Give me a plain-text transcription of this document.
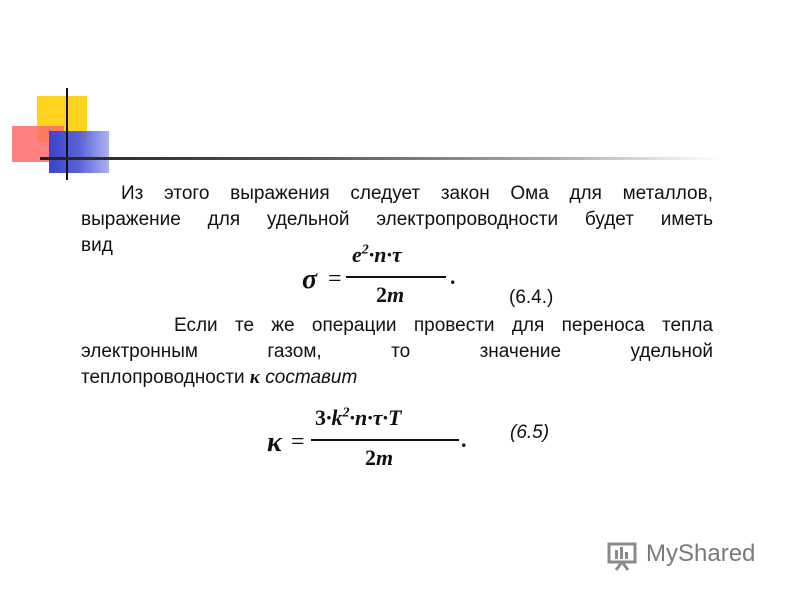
Из этого выражения следует закон Ома для металлов,
выражение для удельной электропроводности будет иметь
вид
σ =
$e^2\cdot n\cdot\tau$
2m
.
(6.4.)
Если те же операции провести для переноса тепла
электронным	газом,	то	значение	удельной
теплопроводности κ составит
κ =
$3\cdot k^2\cdot n\cdot\tau\cdot T$
2m
. (6.5)
MyShared
